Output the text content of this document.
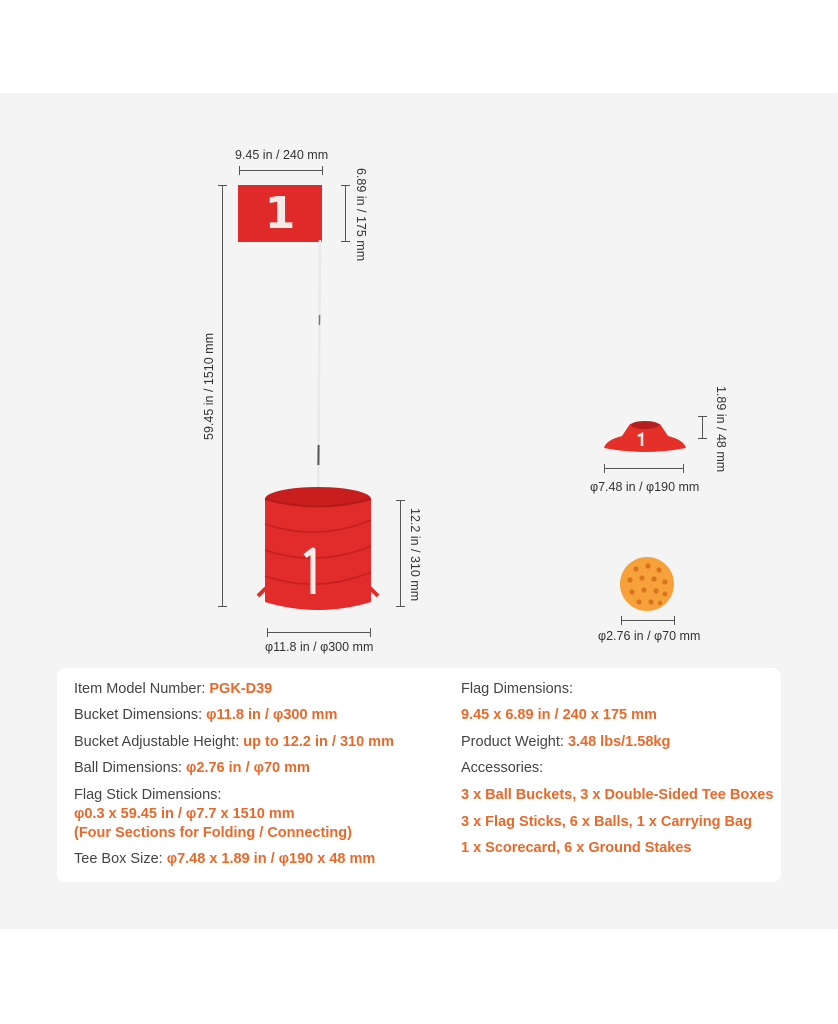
9.45 in / 240 mm
6.89 in / 175 mm
59.45 in / 1510 mm
1
12.2 in / 310 mm
φ11.8 in / φ300 mm
1.89 in / 48 mm
φ7.48 in / φ190 mm
φ2.76 in / φ70 mm
Item Model Number: PGK-D39
Bucket Dimensions: φ11.8 in / φ300 mm
Bucket Adjustable Height: up to 12.2 in / 310 mm
Ball Dimensions: φ2.76 in / φ70 mm
Flag Stick Dimensions:
φ0.3 x 59.45 in / φ7.7 x 1510 mm
(Four Sections for Folding / Connecting)
Tee Box Size: φ7.48 x 1.89 in / φ190 x 48 mm
Flag Dimensions:
9.45 x 6.89 in / 240 x 175 mm
Product Weight: 3.48 lbs/1.58kg
Accessories:
3 x Ball Buckets, 3 x Double-Sided Tee Boxes
3 x Flag Sticks, 6 x Balls, 1 x Carrying Bag
1 x Scorecard, 6 x Ground Stakes
